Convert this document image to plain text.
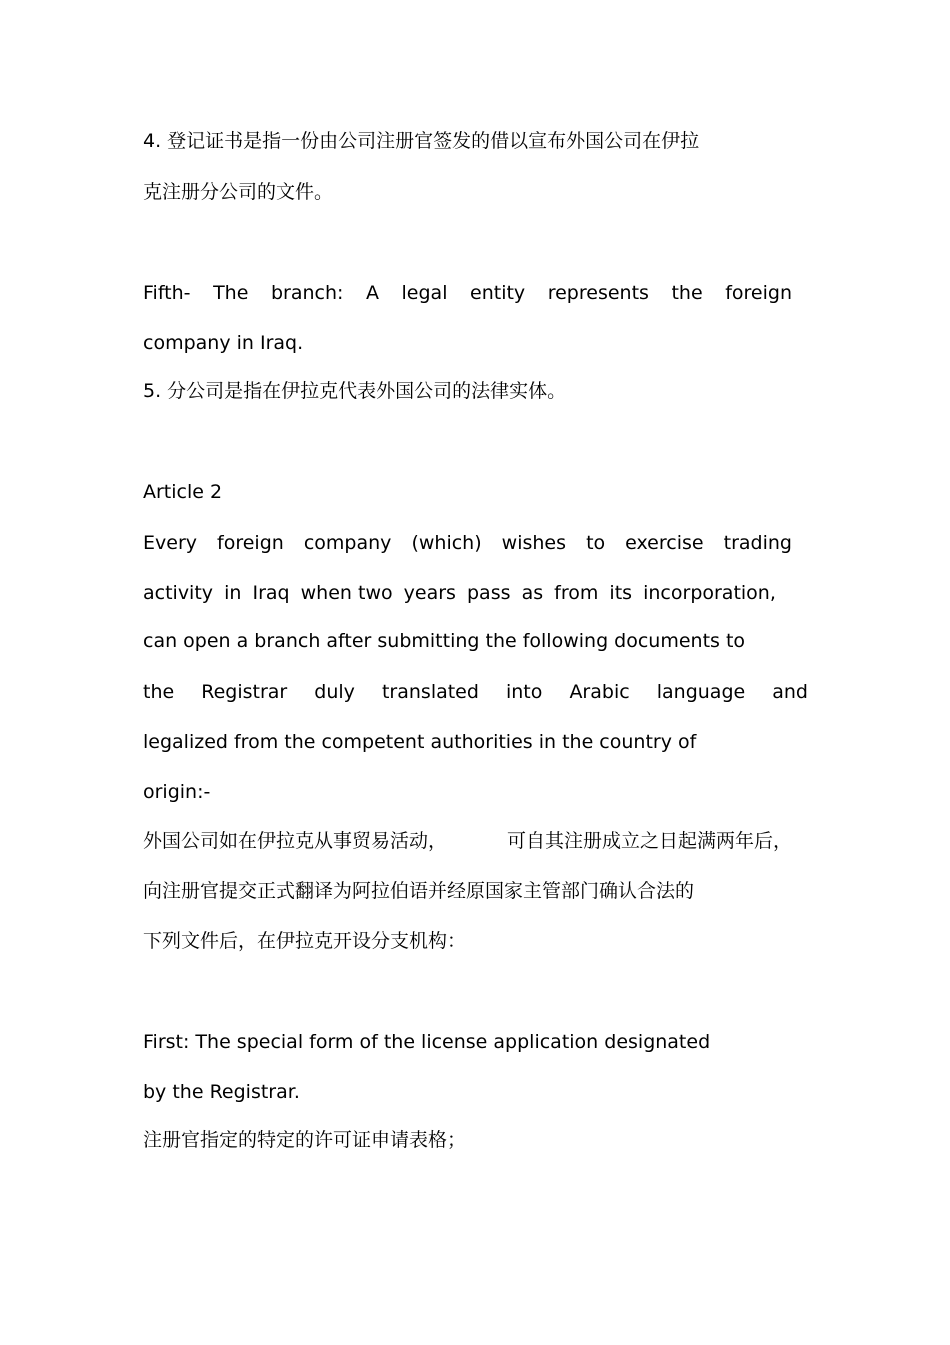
4. 登记证书是指一份由公司注册官签发的借以宣布外国公司在伊拉
克注册分公司的文件。
Fifth- The branch: A legal entity represents the foreign
company in Iraq.
5. 分公司是指在伊拉克代表外国公司的法律实体。
Article 2
Every foreign company (which) wishes to exercise trading
activity in Iraq when two years pass as from its incorporation,
can open a branch after submitting the following documents to
the Registrar duly translated into Arabic language and
legalized from the competent authorities in the country of
origin:-
外国公司如在伊拉克从事贸易活动，	可自其注册成立之日起满两年后，
向注册官提交正式翻译为阿拉伯语并经原国家主管部门确认合法的
下列文件后，在伊拉克开设分支机构：
First: The special form of the license application designated
by the Registrar.
注册官指定的特定的许可证申请表格；
